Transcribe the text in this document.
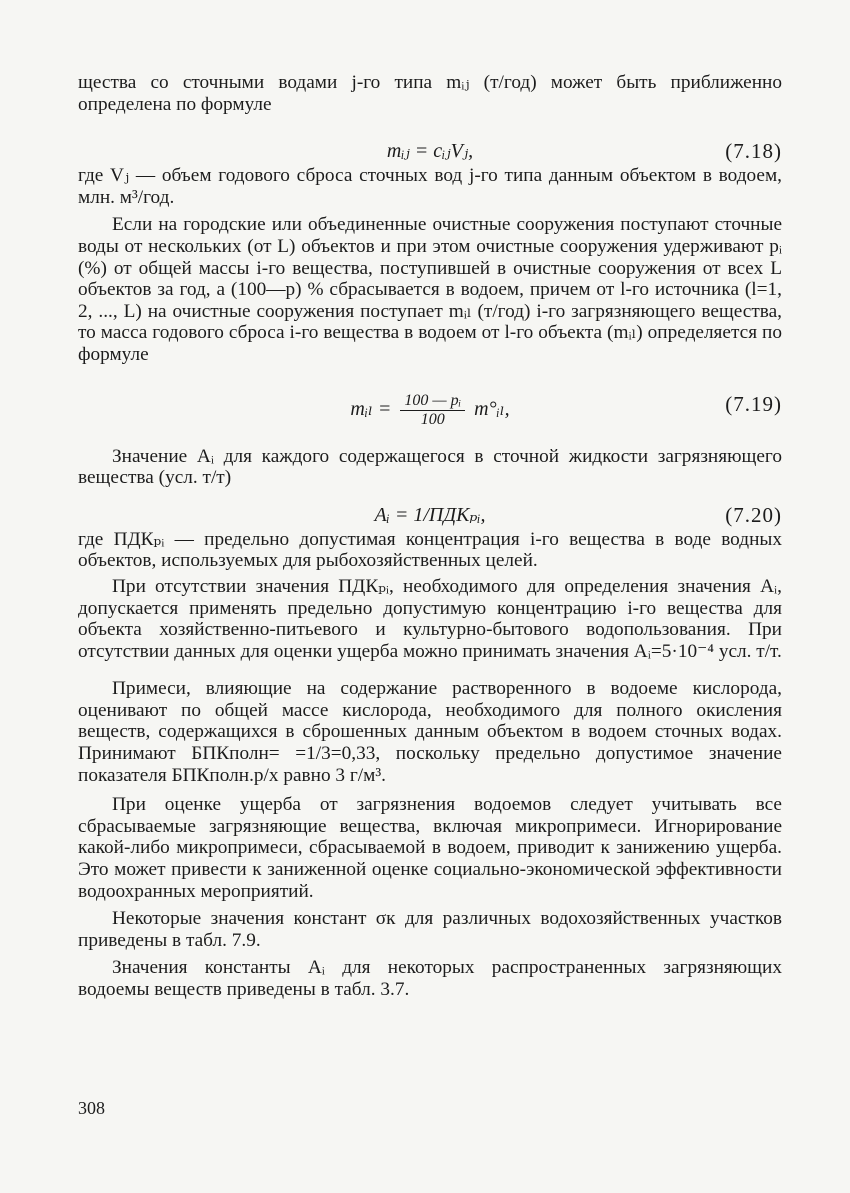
щества со сточными водами j-го типа mᵢⱼ (т/год) может быть приближенно определена по формуле

mᵢⱼ = cᵢⱼVⱼ,	(7.18)

где Vⱼ — объем годового сброса сточных вод j-го типа данным объектом в водоем, млн. м³/год.

Если на городские или объединенные очистные сооружения поступают сточные воды от нескольких (от L) объектов и при этом очистные сооружения удерживают pᵢ (%) от общей массы i-го вещества, поступившей в очистные сооружения от всех L объектов за год, а (100—p) % сбрасывается в водоем, причем от l-го источника (l=1, 2, ..., L) на очистные сооружения поступает mᵢₗ (т/год) i-го загрязняющего вещества, то масса годового сброса i-го вещества в водоем от l-го объекта (mᵢₗ) определяется по формуле

mᵢₗ = $\frac{\text{100 — pᵢ}}{100}$ m°ᵢₗ,	(7.19)

Значение Aᵢ для каждого содержащегося в сточной жидкости загрязняющего вещества (усл. т/т)

Aᵢ = 1/ПДКₚᵢ,	(7.20)

где ПДКₚᵢ — предельно допустимая концентрация i-го вещества в воде водных объектов, используемых для рыбохозяйственных целей.

При отсутствии значения ПДКₚᵢ, необходимого для определения значения Aᵢ, допускается применять предельно допустимую концентрацию i-го вещества для объекта хозяйственно-питьевого и культурно-бытового водопользования. При отсутствии данных для оценки ущерба можно принимать значения Aᵢ=5·10⁻⁴ усл. т/т.

Примеси, влияющие на содержание растворенного в водоеме кислорода, оценивают по общей массе кислорода, необходимого для полного окисления веществ, содержащихся в сброшенных данным объектом в водоем сточных водах. Принимают БПКполн= =1/3=0,33, поскольку предельно допустимое значение показателя БПКполн.р/х равно 3 г/м³.

При оценке ущерба от загрязнения водоемов следует учитывать все сбрасываемые загрязняющие вещества, включая микропримеси. Игнорирование какой-либо микропримеси, сбрасываемой в водоем, приводит к занижению ущерба. Это может привести к заниженной оценке социально-экономической эффективности водоохранных мероприятий.

Некоторые значения констант σк для различных водохозяйственных участков приведены в табл. 7.9.

Значения константы Aᵢ для некоторых распространенных загрязняющих водоемы веществ приведены в табл. 3.7.

308
